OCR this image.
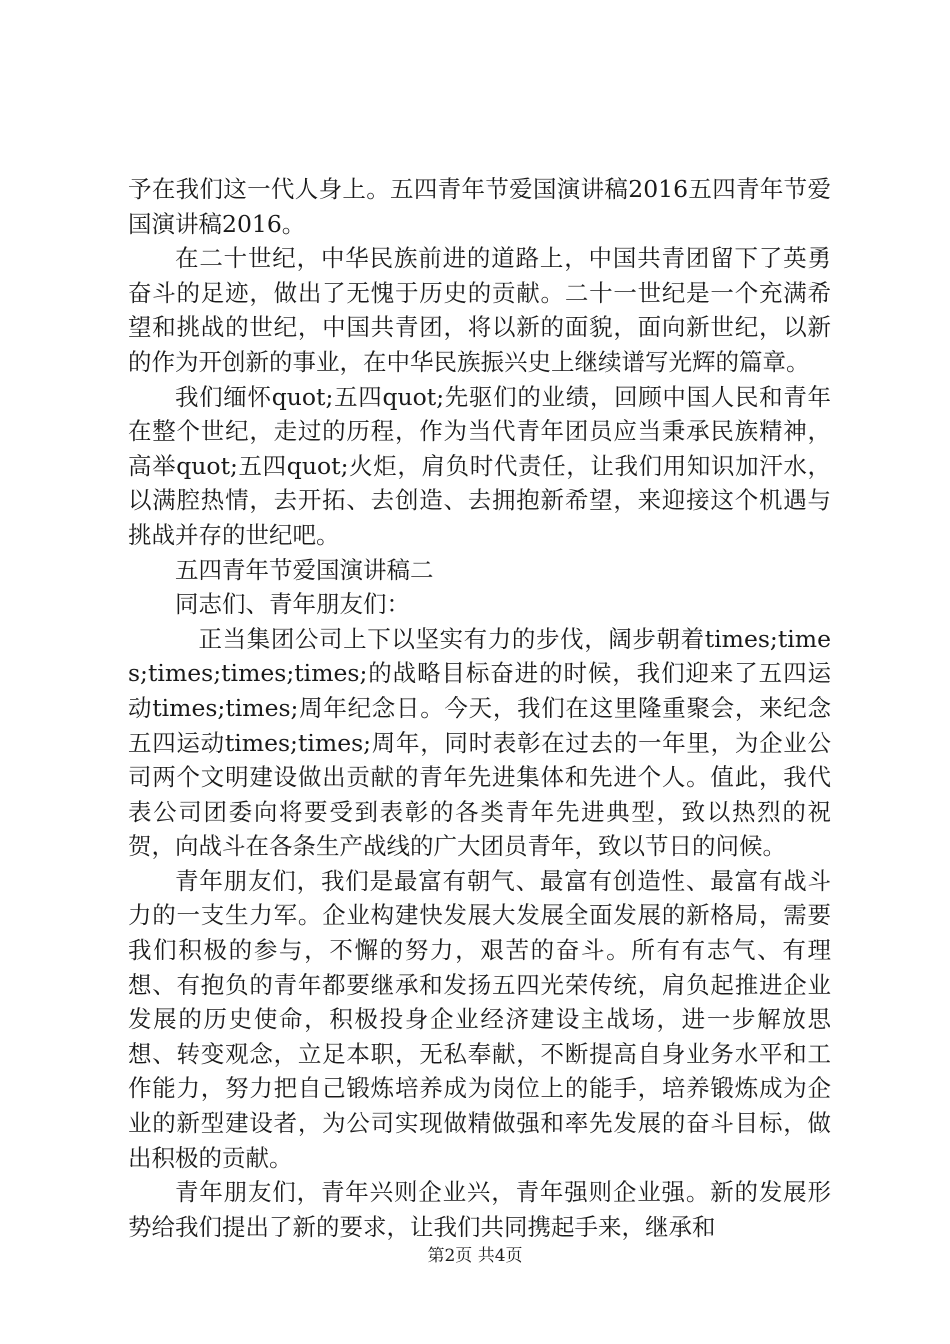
予在我们这一代人身上。五四青年节爱国演讲稿2016五四青年节爱国演讲稿2016。

在二十世纪，中华民族前进的道路上，中国共青团留下了英勇奋斗的足迹，做出了无愧于历史的贡献。二十一世纪是一个充满希望和挑战的世纪，中国共青团，将以新的面貌，面向新世纪，以新的作为开创新的事业，在中华民族振兴史上继续谱写光辉的篇章。

我们缅怀quot;五四quot;先驱们的业绩，回顾中国人民和青年在整个世纪，走过的历程，作为当代青年团员应当秉承民族精神，高举quot;五四quot;火炬，肩负时代责任，让我们用知识加汗水，以满腔热情，去开拓、去创造、去拥抱新希望，来迎接这个机遇与挑战并存的世纪吧。

五四青年节爱国演讲稿二

同志们、青年朋友们：

正当集团公司上下以坚实有力的步伐，阔步朝着times;times;times;times;times;的战略目标奋进的时候，我们迎来了五四运动times;times;周年纪念日。今天，我们在这里隆重聚会，来纪念五四运动times;times;周年，同时表彰在过去的一年里，为企业公司两个文明建设做出贡献的青年先进集体和先进个人。值此，我代表公司团委向将要受到表彰的各类青年先进典型，致以热烈的祝贺，向战斗在各条生产战线的广大团员青年，致以节日的问候。

青年朋友们，我们是最富有朝气、最富有创造性、最富有战斗力的一支生力军。企业构建快发展大发展全面发展的新格局，需要我们积极的参与，不懈的努力，艰苦的奋斗。所有有志气、有理想、有抱负的青年都要继承和发扬五四光荣传统，肩负起推进企业发展的历史使命，积极投身企业经济建设主战场，进一步解放思想、转变观念，立足本职，无私奉献，不断提高自身业务水平和工作能力，努力把自己锻炼培养成为岗位上的能手，培养锻炼成为企业的新型建设者，为公司实现做精做强和率先发展的奋斗目标，做出积极的贡献。

青年朋友们，青年兴则企业兴，青年强则企业强。新的发展形势给我们提出了新的要求，让我们共同携起手来，继承和

第2页 共4页
